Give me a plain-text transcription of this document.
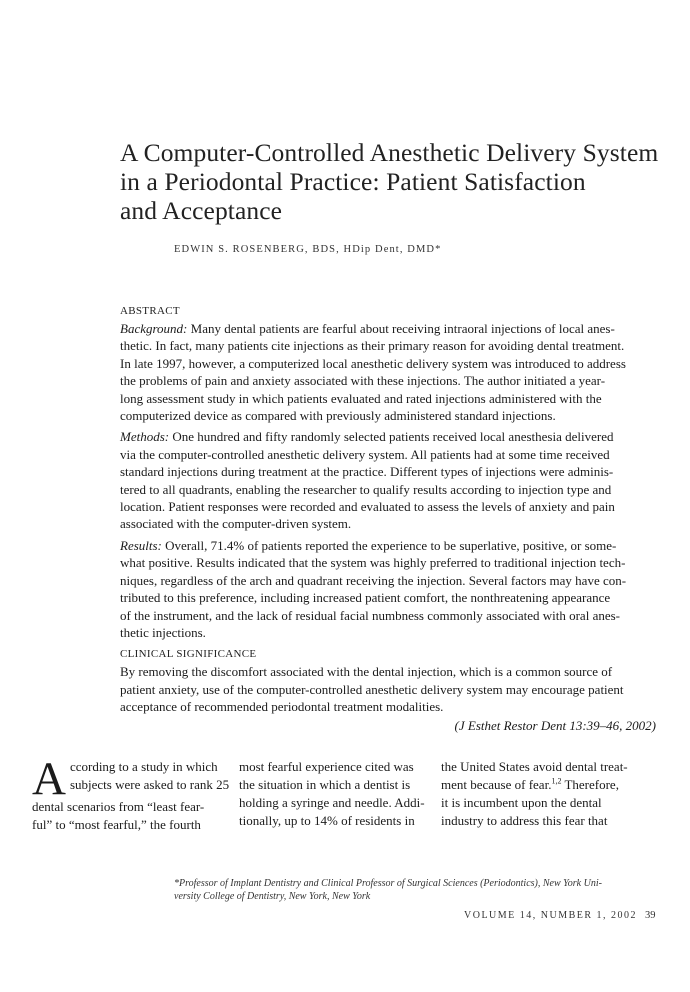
A Computer-Controlled Anesthetic Delivery System
in a Periodontal Practice: Patient Satisfaction
and Acceptance
EDWIN S. ROSENBERG, BDS, HDip Dent, DMD*
ABSTRACT
Background: Many dental patients are fearful about receiving intraoral injections of local anes-
thetic. In fact, many patients cite injections as their primary reason for avoiding dental treatment.
In late 1997, however, a computerized local anesthetic delivery system was introduced to address
the problems of pain and anxiety associated with these injections. The author initiated a year-
long assessment study in which patients evaluated and rated injections administered with the
computerized device as compared with previously administered standard injections.
Methods: One hundred and fifty randomly selected patients received local anesthesia delivered
via the computer-controlled anesthetic delivery system. All patients had at some time received
standard injections during treatment at the practice. Different types of injections were adminis-
tered to all quadrants, enabling the researcher to qualify results according to injection type and
location. Patient responses were recorded and evaluated to assess the levels of anxiety and pain
associated with the computer-driven system.
Results: Overall, 71.4% of patients reported the experience to be superlative, positive, or some-
what positive. Results indicated that the system was highly preferred to traditional injection tech-
niques, regardless of the arch and quadrant receiving the injection. Several factors may have con-
tributed to this preference, including increased patient comfort, the nonthreatening appearance
of the instrument, and the lack of residual facial numbness commonly associated with oral anes-
thetic injections.
CLINICAL SIGNIFICANCE
By removing the discomfort associated with the dental injection, which is a common source of
patient anxiety, use of the computer-controlled anesthetic delivery system may encourage patient
acceptance of recommended periodontal treatment modalities.
(J Esthet Restor Dent 13:39–46, 2002)
A ccording to a study in which
subjects were asked to rank 25
dental scenarios from “least fear-
ful” to “most fearful,” the fourth
most fearful experience cited was
the situation in which a dentist is
holding a syringe and needle. Addi-
tionally, up to 14% of residents in
the United States avoid dental treat-
ment because of fear.$^{1,2}$ Therefore,
it is incumbent upon the dental
industry to address this fear that
*Professor of Implant Dentistry and Clinical Professor of Surgical Sciences (Periodontics), New York Uni-
versity College of Dentistry, New York, New York
VOLUME 14, NUMBER 1, 2002 39
